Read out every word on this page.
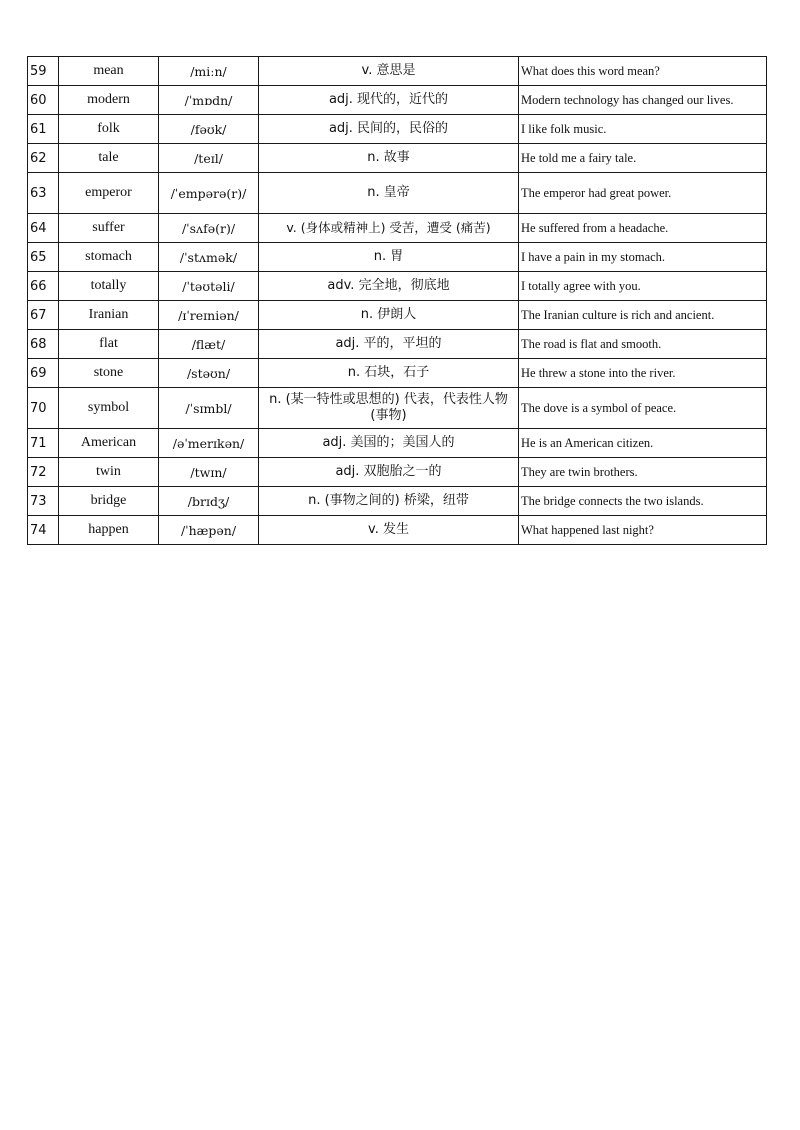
59	mean	/miːn/	v. 意思是	What does this word mean?
60	modern	/ˈmɒdn/	adj. 现代的，近代的	Modern technology has changed our lives.
61	folk	/fəʊk/	adj. 民间的，民俗的	I like folk music.
62	tale	/teɪl/	n. 故事	He told me a fairy tale.
63	emperor	/ˈempərə(r)/	n. 皇帝	The emperor had great power.
64	suffer	/ˈsʌfə(r)/	v. (身体或精神上) 受苦，遭受 (痛苦)	He suffered from a headache.
65	stomach	/ˈstʌmək/	n. 胃	I have a pain in my stomach.
66	totally	/ˈtəʊtəli/	adv. 完全地，彻底地	I totally agree with you.
67	Iranian	/ɪˈreɪniən/	n. 伊朗人	The Iranian culture is rich and ancient.
68	flat	/flæt/	adj. 平的，平坦的	The road is flat and smooth.
69	stone	/stəʊn/	n. 石块，石子	He threw a stone into the river.
70	symbol	/ˈsɪmbl/	n. (某一特性或思想的) 代表，代表性人物 (事物)	The dove is a symbol of peace.
71	American	/əˈmerɪkən/	adj. 美国的；美国人的	He is an American citizen.
72	twin	/twɪn/	adj. 双胞胎之一的	They are twin brothers.
73	bridge	/brɪdʒ/	n. (事物之间的) 桥梁，纽带	The bridge connects the two islands.
74	happen	/ˈhæpən/	v. 发生	What happened last night?
